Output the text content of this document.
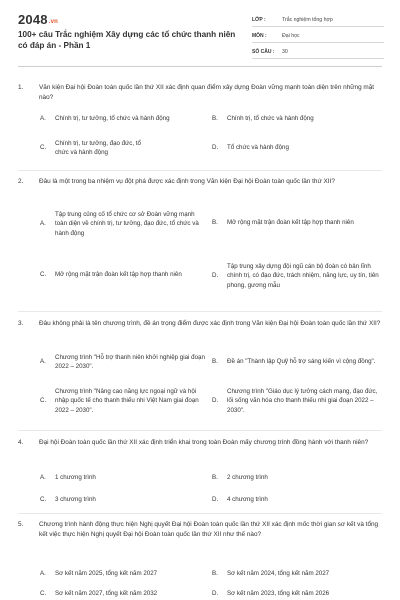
2048.vn
100+ câu Trắc nghiệm Xây dựng các tổ chức thanh niên có đáp án - Phần 1
LỚP :	Trắc nghiệm tổng hợp
MÔN :	Đại học
SỐ CÂU :	30
1.	Văn kiện Đại hội Đoàn toàn quốc lần thứ XII xác định quan điểm xây dựng Đoàn vững mạnh toàn diện trên những mặt nào?
A.	Chính trị, tư tưởng, tổ chức và hành động	B.	Chính trị, tổ chức và hành động
C.
Chính trị, tư tưởng, đạo đức, tổ chức và hành động
D.	Tổ chức và hành động
2.	Đâu là một trong ba nhiệm vụ đột phá được xác định trong Văn kiện Đại hội Đoàn toàn quốc lần thứ XII?
A.
Tập trung củng cố tổ chức cơ sở Đoàn vững mạnh toàn diện về chính trị, tư tưởng, đạo đức, tổ chức và hành động
B.	Mở rộng mặt trận đoàn kết tập hợp thanh niên
C.	Mở rộng mặt trận đoàn kết tập hợp thanh niên	D.
Tập trung xây dựng đội ngũ cán bộ đoàn có bản lĩnh chính trị, có đạo đức, trách nhiệm, năng lực, uy tín, tiên phong, gương mẫu
3.	Đâu không phải là tên chương trình, đề án trọng điểm được xác định trong Văn kiện Đại hội Đoàn toàn quốc lần thứ XII?
A.
Chương trình "Hỗ trợ thanh niên khởi nghiệp giai đoạn 2022 – 2030".
B.	Đề án "Thành lập Quỹ hỗ trợ sáng kiến vì cộng đồng".
C.
Chương trình "Nâng cao năng lực ngoại ngữ và hội nhập quốc tế cho thanh thiếu nhi Việt Nam giai đoạn 2022 – 2030".
D.
Chương trình "Giáo dục lý tưởng cách mạng, đạo đức, lối sống văn hóa cho thanh thiếu nhi giai đoạn 2022 – 2030".
4.	Đại hội Đoàn toàn quốc lần thứ XII xác định triển khai trong toàn Đoàn mấy chương trình đồng hành với thanh niên?
A.	1 chương trình	B.	2 chương trình
C.	3 chương trình	D.	4 chương trình
5.	Chương trình hành động thực hiện Nghị quyết Đại hội Đoàn toàn quốc lần thứ XII xác định mốc thời gian sơ kết và tổng kết việc thực hiện Nghị quyết Đại hội Đoàn toàn quốc lần thứ XII như thế nào?
A.	Sơ kết năm 2025, tổng kết năm 2027	B.	Sơ kết năm 2024, tổng kết năm 2027
C.	Sơ kết năm 2027, tổng kết năm 2032	D.	Sơ kết năm 2023, tổng kết năm 2026
